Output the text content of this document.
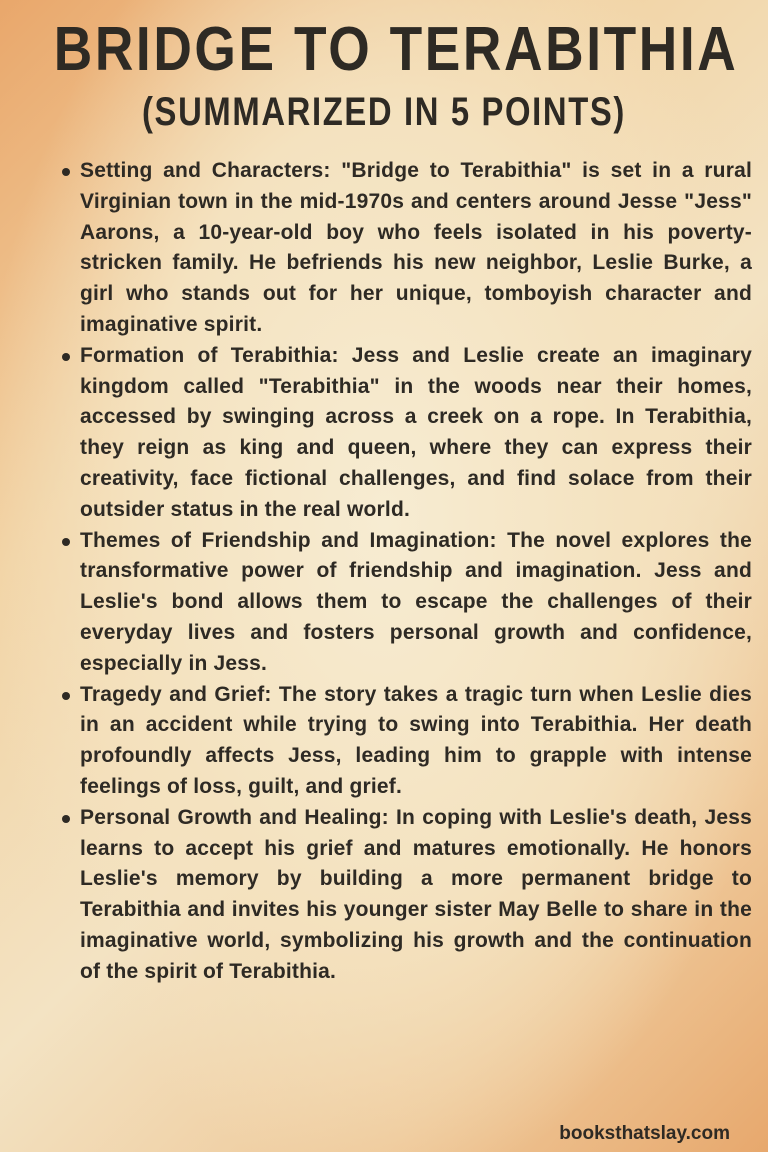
BRIDGE TO TERABITHIA
(SUMMARIZED IN 5 POINTS)
Setting and Characters: "Bridge to Terabithia" is set in a rural Virginian town in the mid-1970s and centers around Jesse "Jess" Aarons, a 10-year-old boy who feels isolated in his poverty-stricken family. He befriends his new neighbor, Leslie Burke, a girl who stands out for her unique, tomboyish character and imaginative spirit.
Formation of Terabithia: Jess and Leslie create an imaginary kingdom called "Terabithia" in the woods near their homes, accessed by swinging across a creek on a rope. In Terabithia, they reign as king and queen, where they can express their creativity, face fictional challenges, and find solace from their outsider status in the real world.
Themes of Friendship and Imagination: The novel explores the transformative power of friendship and imagination. Jess and Leslie's bond allows them to escape the challenges of their everyday lives and fosters personal growth and confidence, especially in Jess.
Tragedy and Grief: The story takes a tragic turn when Leslie dies in an accident while trying to swing into Terabithia. Her death profoundly affects Jess, leading him to grapple with intense feelings of loss, guilt, and grief.
Personal Growth and Healing: In coping with Leslie's death, Jess learns to accept his grief and matures emotionally. He honors Leslie's memory by building a more permanent bridge to Terabithia and invites his younger sister May Belle to share in the imaginative world, symbolizing his growth and the continuation of the spirit of Terabithia.
booksthatslay.com
